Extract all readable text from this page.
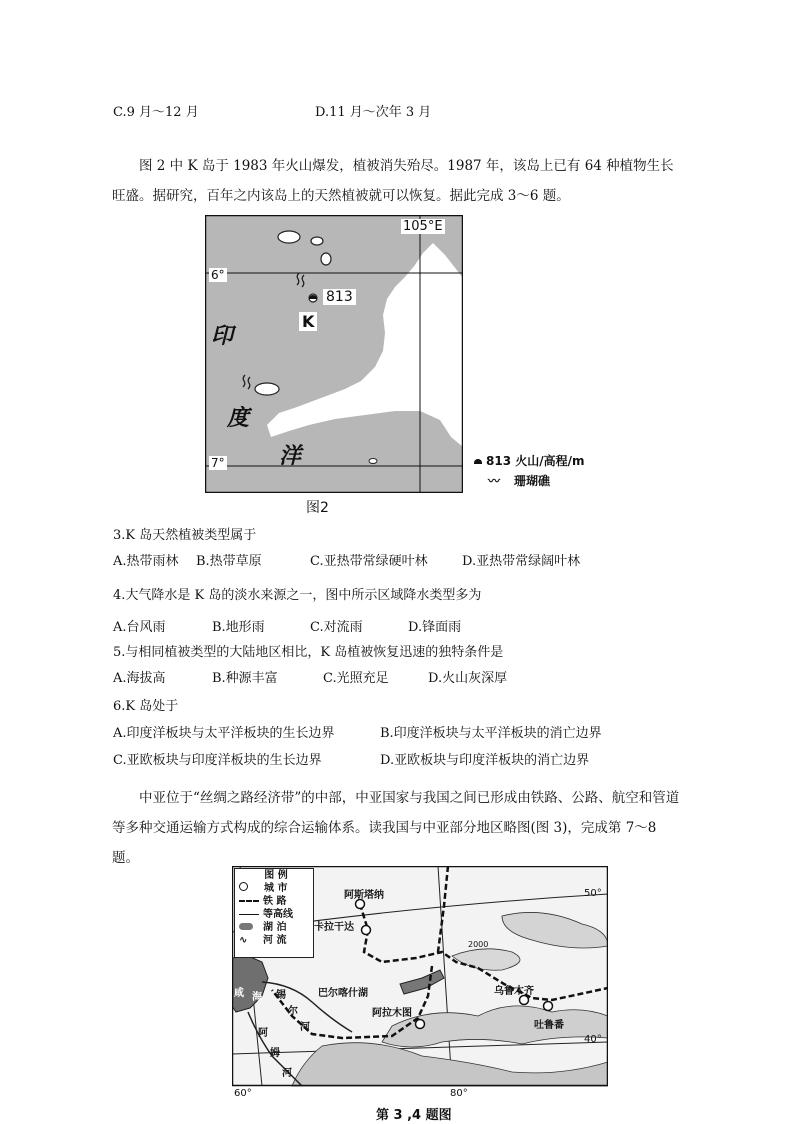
C.9 月～12 月	D.11 月～次年 3 月
图 2 中 K 岛于 1983 年火山爆发，植被消失殆尽。1987 年，该岛上已有 64 种植物生长旺盛。据研究，百年之内该岛上的天然植被就可以恢复。据此完成 3～6 题。
105°E
6°
7°
813
K
印
度
洋
图2
813 火山/高程/m
〰 珊瑚礁
3.K 岛天然植被类型属于
A.热带雨林 B.热带草原	C.亚热带常绿硬叶林	D.亚热带常绿阔叶林
4.大气降水是 K 岛的淡水来源之一，图中所示区域降水类型多为
A.台风雨	B.地形雨	C.对流雨	D.锋面雨
5.与相同植被类型的大陆地区相比，K 岛植被恢复迅速的独特条件是
A.海拔高	B.种源丰富	C.光照充足	D.火山灰深厚
6.K 岛处于
A.印度洋板块与太平洋板块的生长边界	B.印度洋板块与太平洋板块的消亡边界
C.亚欧板块与印度洋板块的生长边界	D.亚欧板块与印度洋板块的消亡边界
中亚位于“丝绸之路经济带”的中部，中亚国家与我国之间已形成由铁路、公路、航空和管道等多种交通运输方式构成的综合运输体系。读我国与中亚部分地区略图(图 3)，完成第 7～8 题。
图 例
城 市
铁 路
等高线
湖 泊
∿ 河 流
阿斯塔纳
卡拉干达
乌鲁木齐
阿拉木图
吐鲁番
巴尔喀什湖
2000
咸 海 锡
尔
河
阿
姆
河
50°
40°
60°	80°
第 3 ,4 题图
